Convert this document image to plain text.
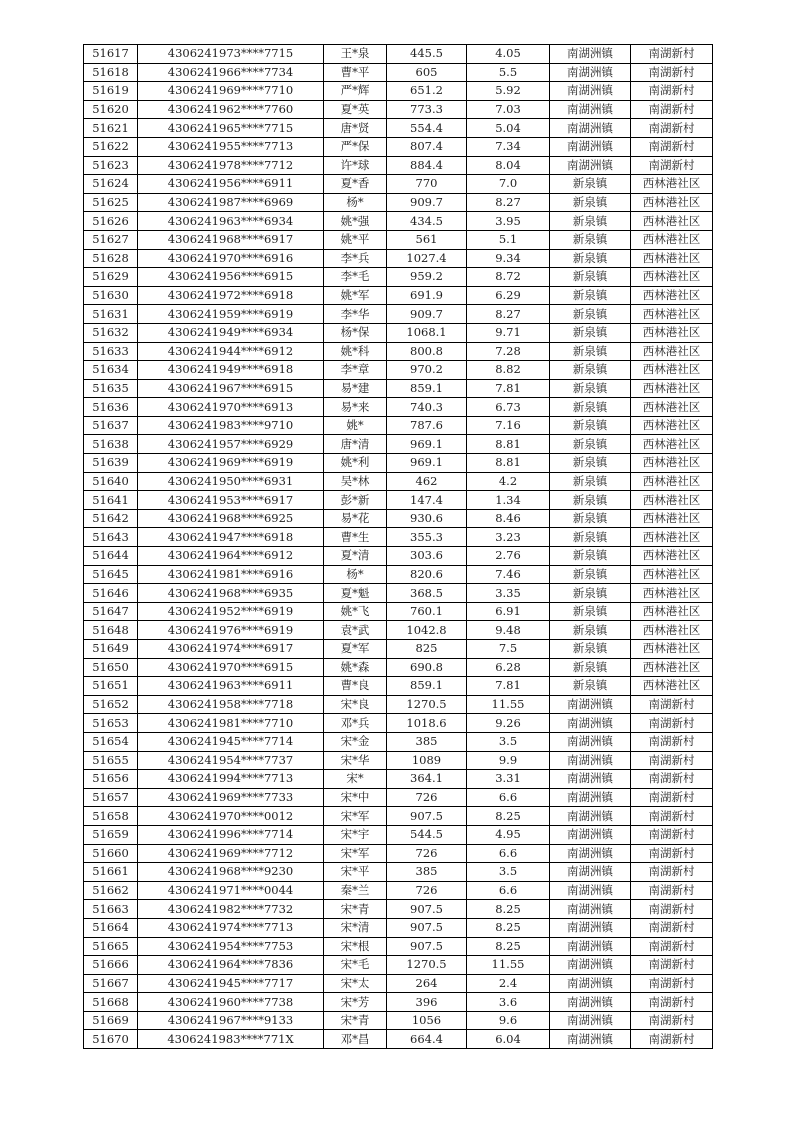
51617	4306241973****7715	王*泉	445.5	4.05	南湖洲镇	南湖新村
51618	4306241966****7734	曹*平	605	5.5	南湖洲镇	南湖新村
51619	4306241969****7710	严*辉	651.2	5.92	南湖洲镇	南湖新村
51620	4306241962****7760	夏*英	773.3	7.03	南湖洲镇	南湖新村
51621	4306241965****7715	唐*贤	554.4	5.04	南湖洲镇	南湖新村
51622	4306241955****7713	严*保	807.4	7.34	南湖洲镇	南湖新村
51623	4306241978****7712	许*球	884.4	8.04	南湖洲镇	南湖新村
51624	4306241956****6911	夏*香	770	7.0	新泉镇	西林港社区
51625	4306241987****6969	杨*	909.7	8.27	新泉镇	西林港社区
51626	4306241963****6934	姚*强	434.5	3.95	新泉镇	西林港社区
51627	4306241968****6917	姚*平	561	5.1	新泉镇	西林港社区
51628	4306241970****6916	李*兵	1027.4	9.34	新泉镇	西林港社区
51629	4306241956****6915	李*毛	959.2	8.72	新泉镇	西林港社区
51630	4306241972****6918	姚*军	691.9	6.29	新泉镇	西林港社区
51631	4306241959****6919	李*华	909.7	8.27	新泉镇	西林港社区
51632	4306241949****6934	杨*保	1068.1	9.71	新泉镇	西林港社区
51633	4306241944****6912	姚*科	800.8	7.28	新泉镇	西林港社区
51634	4306241949****6918	李*章	970.2	8.82	新泉镇	西林港社区
51635	4306241967****6915	易*建	859.1	7.81	新泉镇	西林港社区
51636	4306241970****6913	易*来	740.3	6.73	新泉镇	西林港社区
51637	4306241983****9710	姚*	787.6	7.16	新泉镇	西林港社区
51638	4306241957****6929	唐*清	969.1	8.81	新泉镇	西林港社区
51639	4306241969****6919	姚*利	969.1	8.81	新泉镇	西林港社区
51640	4306241950****6931	吴*林	462	4.2	新泉镇	西林港社区
51641	4306241953****6917	彭*新	147.4	1.34	新泉镇	西林港社区
51642	4306241968****6925	易*花	930.6	8.46	新泉镇	西林港社区
51643	4306241947****6918	曹*生	355.3	3.23	新泉镇	西林港社区
51644	4306241964****6912	夏*清	303.6	2.76	新泉镇	西林港社区
51645	4306241981****6916	杨*	820.6	7.46	新泉镇	西林港社区
51646	4306241968****6935	夏*魁	368.5	3.35	新泉镇	西林港社区
51647	4306241952****6919	姚*飞	760.1	6.91	新泉镇	西林港社区
51648	4306241976****6919	袁*武	1042.8	9.48	新泉镇	西林港社区
51649	4306241974****6917	夏*军	825	7.5	新泉镇	西林港社区
51650	4306241970****6915	姚*森	690.8	6.28	新泉镇	西林港社区
51651	4306241963****6911	曹*良	859.1	7.81	新泉镇	西林港社区
51652	4306241958****7718	宋*良	1270.5	11.55	南湖洲镇	南湖新村
51653	4306241981****7710	邓*兵	1018.6	9.26	南湖洲镇	南湖新村
51654	4306241945****7714	宋*金	385	3.5	南湖洲镇	南湖新村
51655	4306241954****7737	宋*华	1089	9.9	南湖洲镇	南湖新村
51656	4306241994****7713	宋*	364.1	3.31	南湖洲镇	南湖新村
51657	4306241969****7733	宋*中	726	6.6	南湖洲镇	南湖新村
51658	4306241970****0012	宋*军	907.5	8.25	南湖洲镇	南湖新村
51659	4306241996****7714	宋*宇	544.5	4.95	南湖洲镇	南湖新村
51660	4306241969****7712	宋*军	726	6.6	南湖洲镇	南湖新村
51661	4306241968****9230	宋*平	385	3.5	南湖洲镇	南湖新村
51662	4306241971****0044	秦*兰	726	6.6	南湖洲镇	南湖新村
51663	4306241982****7732	宋*青	907.5	8.25	南湖洲镇	南湖新村
51664	4306241974****7713	宋*清	907.5	8.25	南湖洲镇	南湖新村
51665	4306241954****7753	宋*根	907.5	8.25	南湖洲镇	南湖新村
51666	4306241964****7836	宋*毛	1270.5	11.55	南湖洲镇	南湖新村
51667	4306241945****7717	宋*太	264	2.4	南湖洲镇	南湖新村
51668	4306241960****7738	宋*芳	396	3.6	南湖洲镇	南湖新村
51669	4306241967****9133	宋*青	1056	9.6	南湖洲镇	南湖新村
51670	4306241983****771X	邓*昌	664.4	6.04	南湖洲镇	南湖新村
